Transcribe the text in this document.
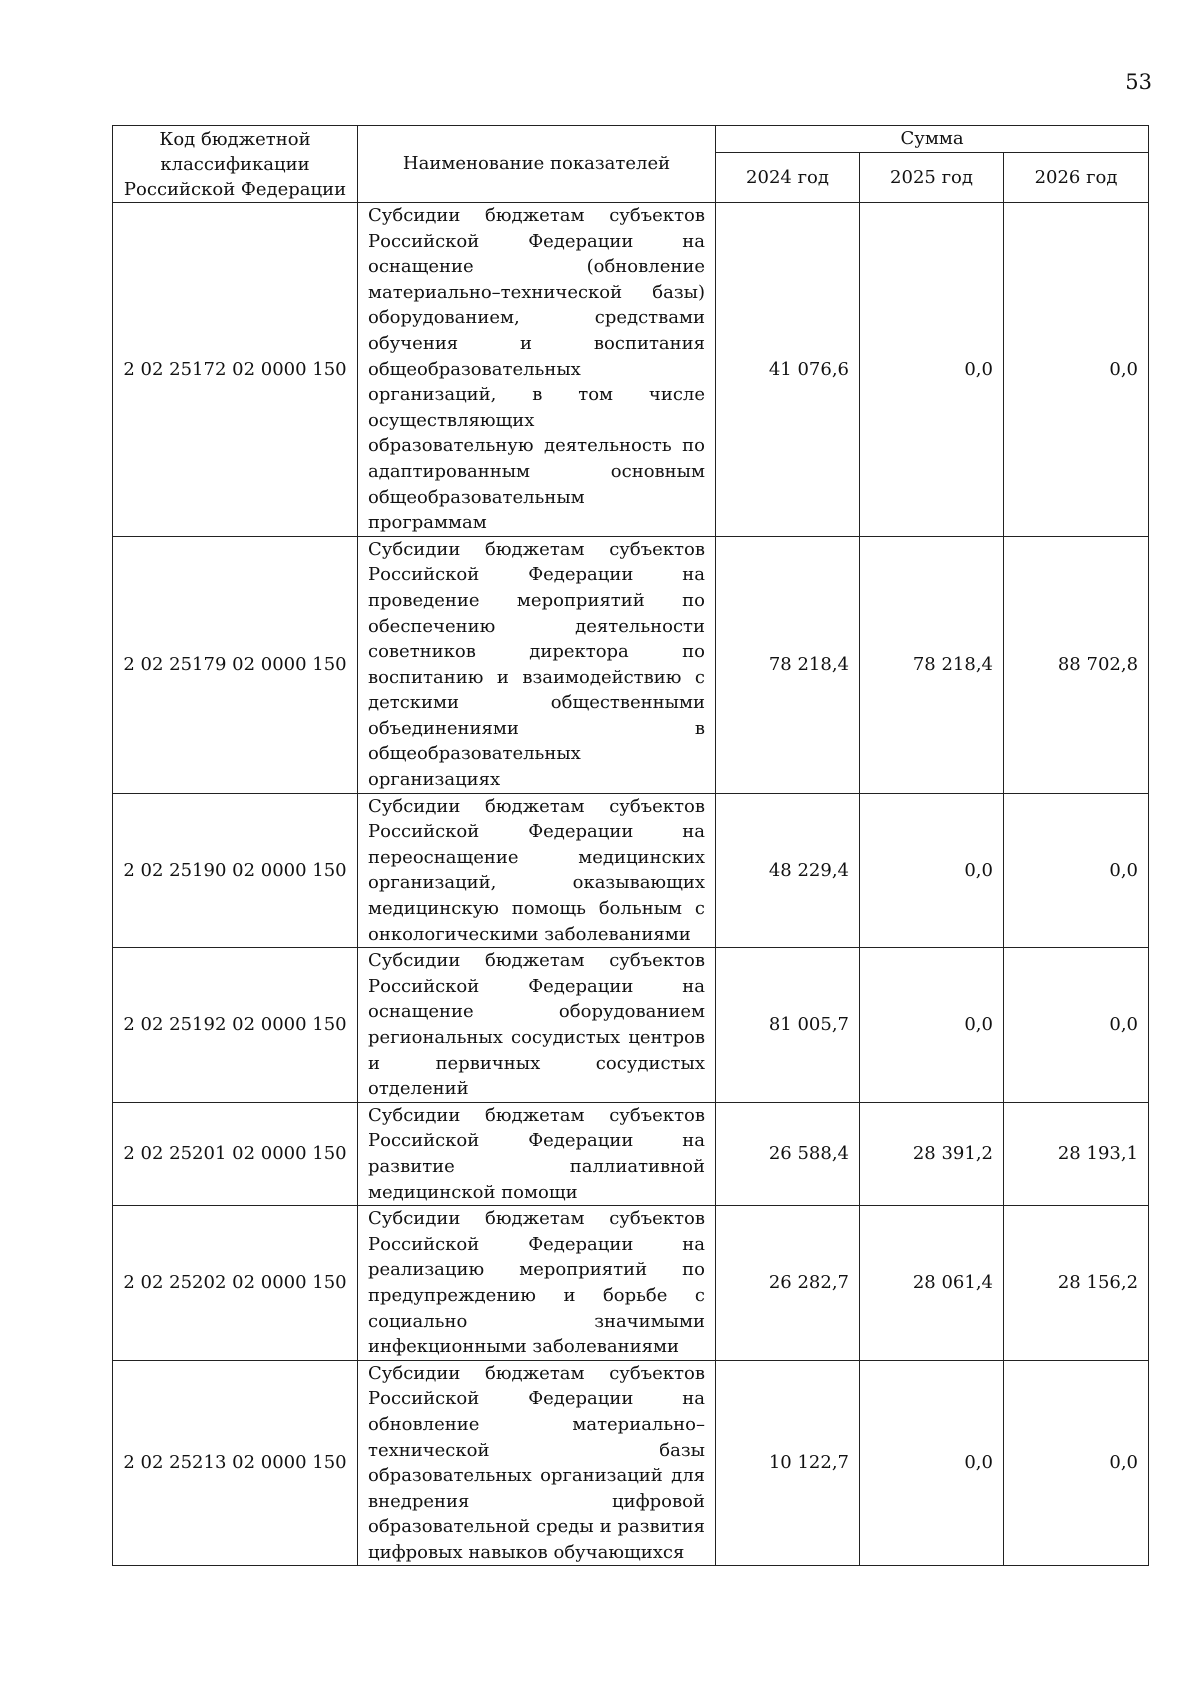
53
Код бюджетной классификации Российской Федерации	Наименование показателей	Сумма		
		2024 год	2025 год	2026 год
2 02 25172 02 0000 150	Субсидии бюджетам субъектов Российской Федерации на оснащение (обновление материально–технической базы) оборудованием, средствами обучения и воспитания общеобразовательных организаций, в том числе осуществляющих образовательную деятельность по адаптированным основным общеобразовательным программам	41 076,6	0,0	0,0
2 02 25179 02 0000 150	Субсидии бюджетам субъектов Российской Федерации на проведение мероприятий по обеспечению деятельности советников директора по воспитанию и взаимодействию с детскими общественными объединениями в общеобразовательных организациях	78 218,4	78 218,4	88 702,8
2 02 25190 02 0000 150	Субсидии бюджетам субъектов Российской Федерации на переоснащение медицинских организаций, оказывающих медицинскую помощь больным с онкологическими заболеваниями	48 229,4	0,0	0,0
2 02 25192 02 0000 150	Субсидии бюджетам субъектов Российской Федерации на оснащение оборудованием региональных сосудистых центров и первичных сосудистых отделений	81 005,7	0,0	0,0
2 02 25201 02 0000 150	Субсидии бюджетам субъектов Российской Федерации на развитие паллиативной медицинской помощи	26 588,4	28 391,2	28 193,1
2 02 25202 02 0000 150	Субсидии бюджетам субъектов Российской Федерации на реализацию мероприятий по предупреждению и борьбе с социально значимыми инфекционными заболеваниями	26 282,7	28 061,4	28 156,2
2 02 25213 02 0000 150	Субсидии бюджетам субъектов Российской Федерации на обновление материально–технической базы образовательных организаций для внедрения цифровой образовательной среды и развития цифровых навыков обучающихся	10 122,7	0,0	0,0
